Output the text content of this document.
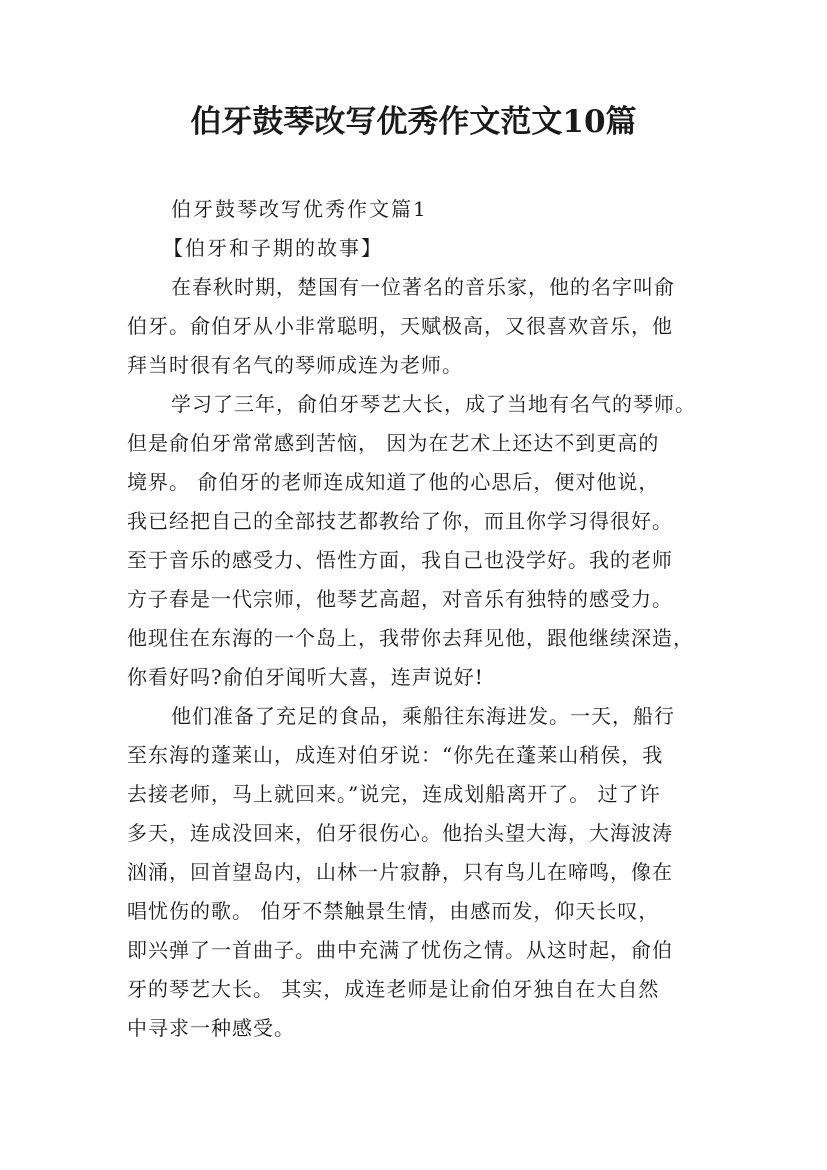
伯牙鼓琴改写优秀作文范文10篇
伯牙鼓琴改写优秀作文篇1
【伯牙和子期的故事】
在春秋时期，楚国有一位著名的音乐家，他的名字叫俞
伯牙。俞伯牙从小非常聪明，天赋极高，又很喜欢音乐，他
拜当时很有名气的琴师成连为老师。
学习了三年，俞伯牙琴艺大长，成了当地有名气的琴师。
但是俞伯牙常常感到苦恼， 因为在艺术上还达不到更高的
境界。 俞伯牙的老师连成知道了他的心思后，便对他说，
我已经把自己的全部技艺都教给了你，而且你学习得很好。
至于音乐的感受力、悟性方面，我自己也没学好。我的老师
方子春是一代宗师，他琴艺高超，对音乐有独特的感受力。
他现住在东海的一个岛上，我带你去拜见他，跟他继续深造，
你看好吗?俞伯牙闻听大喜，连声说好!
他们准备了充足的食品，乘船往东海进发。一天，船行
至东海的蓬莱山，成连对伯牙说：“你先在蓬莱山稍侯，我
去接老师，马上就回来。”说完，连成划船离开了。 过了许
多天，连成没回来，伯牙很伤心。他抬头望大海，大海波涛
汹涌，回首望岛内，山林一片寂静，只有鸟儿在啼鸣，像在
唱忧伤的歌。 伯牙不禁触景生情，由感而发，仰天长叹，
即兴弹了一首曲子。曲中充满了忧伤之情。从这时起，俞伯
牙的琴艺大长。 其实，成连老师是让俞伯牙独自在大自然
中寻求一种感受。
